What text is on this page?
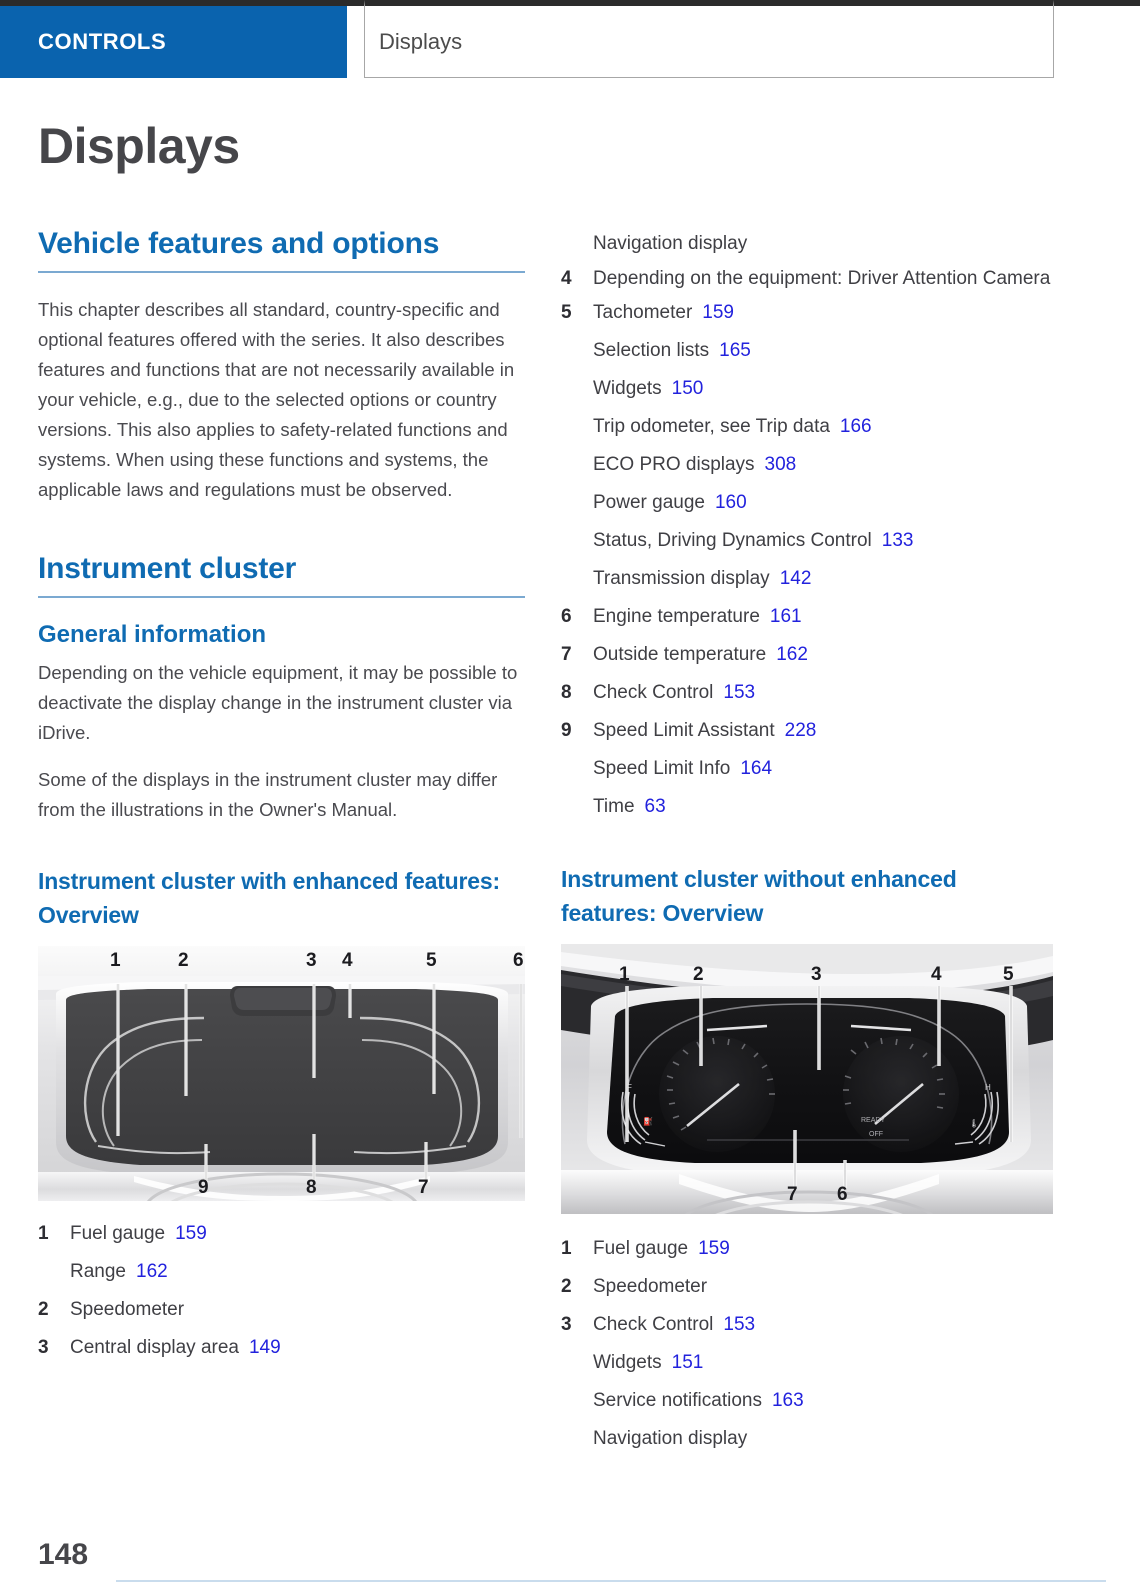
CONTROLS	Displays
Displays
Vehicle features and options

This chapter describes all standard, country-specific and optional features offered with the series. It also describes features and functions that are not necessarily available in your vehicle, e.g., due to the selected options or country versions. This also applies to safety-related functions and systems. When using these functions and systems, the applicable laws and regulations must be observed.

Instrument cluster
General information

Depending on the vehicle equipment, it may be possible to deactivate the display change in the instrument cluster via iDrive.

Some of the displays in the instrument cluster may differ from the illustrations in the Owner's Manual.

Instrument cluster with enhanced features: Overview
1	2	3 4	5	6
9	8	7
1	Fuel gauge 159
Range 162
2	Speedometer
3	Central display area 149
Navigation display
4	Depending on the equipment: Driver Attention Camera
5	Tachometer 159
Selection lists 165
Widgets 150
Trip odometer, see Trip data 166
ECO PRO displays 308
Power gauge 160
Status, Driving Dynamics Control 133
Transmission display 142
6	Engine temperature 161
7	Outside temperature 162
8	Check Control 153
9	Speed Limit Assistant 228
Speed Limit Info 164
Time 63
Instrument cluster without enhanced features: Overview
READY
OFF
F
⛽
H
🌡
1	2	3	4	5
7 6
1	Fuel gauge 159
2	Speedometer
3	Check Control 153
Widgets 151
Service notifications 163
Navigation display
148
